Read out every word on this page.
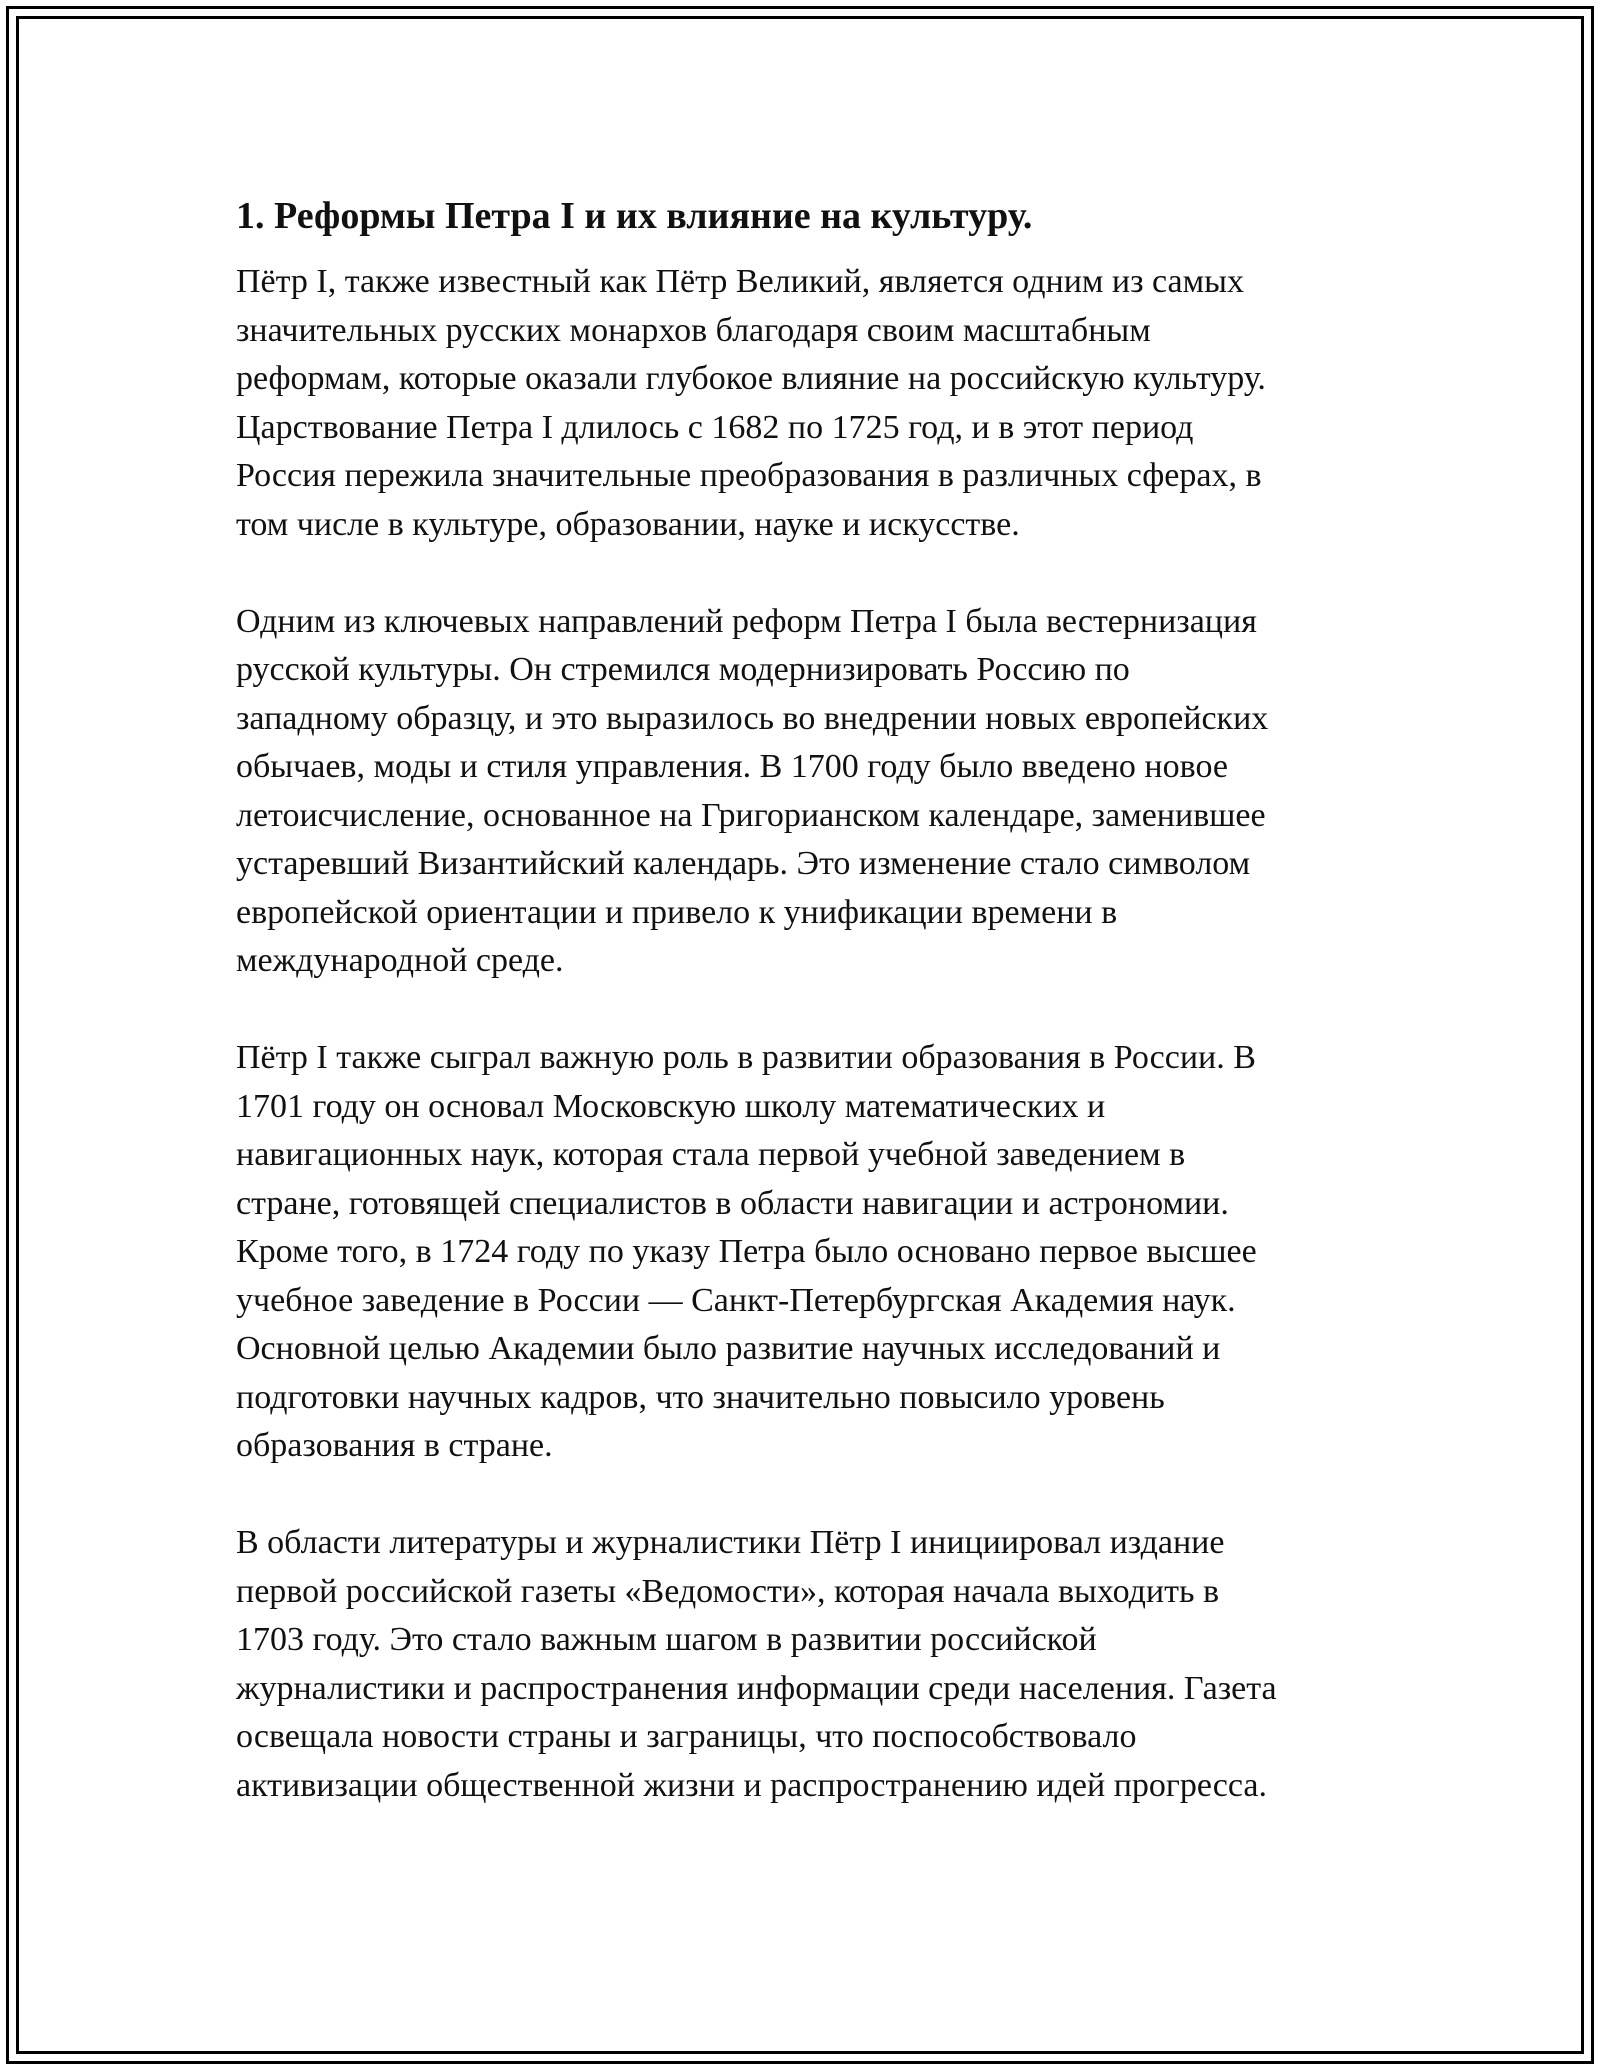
1. Реформы Петра I и их влияние на культуру.

Пётр I, также известный как Пётр Великий, является одним из самых
значительных русских монархов благодаря своим масштабным
реформам, которые оказали глубокое влияние на российскую культуру.
Царствование Петра I длилось с 1682 по 1725 год, и в этот период
Россия пережила значительные преобразования в различных сферах, в
том числе в культуре, образовании, науке и искусстве.

Одним из ключевых направлений реформ Петра I была вестернизация
русской культуры. Он стремился модернизировать Россию по
западному образцу, и это выразилось во внедрении новых европейских
обычаев, моды и стиля управления. В 1700 году было введено новое
летоисчисление, основанное на Григорианском календаре, заменившее
устаревший Византийский календарь. Это изменение стало символом
европейской ориентации и привело к унификации времени в
международной среде.

Пётр I также сыграл важную роль в развитии образования в России. В
1701 году он основал Московскую школу математических и
навигационных наук, которая стала первой учебной заведением в
стране, готовящей специалистов в области навигации и астрономии.
Кроме того, в 1724 году по указу Петра было основано первое высшее
учебное заведение в России — Санкт-Петербургская Академия наук.
Основной целью Академии было развитие научных исследований и
подготовки научных кадров, что значительно повысило уровень
образования в стране.

В области литературы и журналистики Пётр I инициировал издание
первой российской газеты «Ведомости», которая начала выходить в
1703 году. Это стало важным шагом в развитии российской
журналистики и распространения информации среди населения. Газета
освещала новости страны и заграницы, что поспособствовало
активизации общественной жизни и распространению идей прогресса.
